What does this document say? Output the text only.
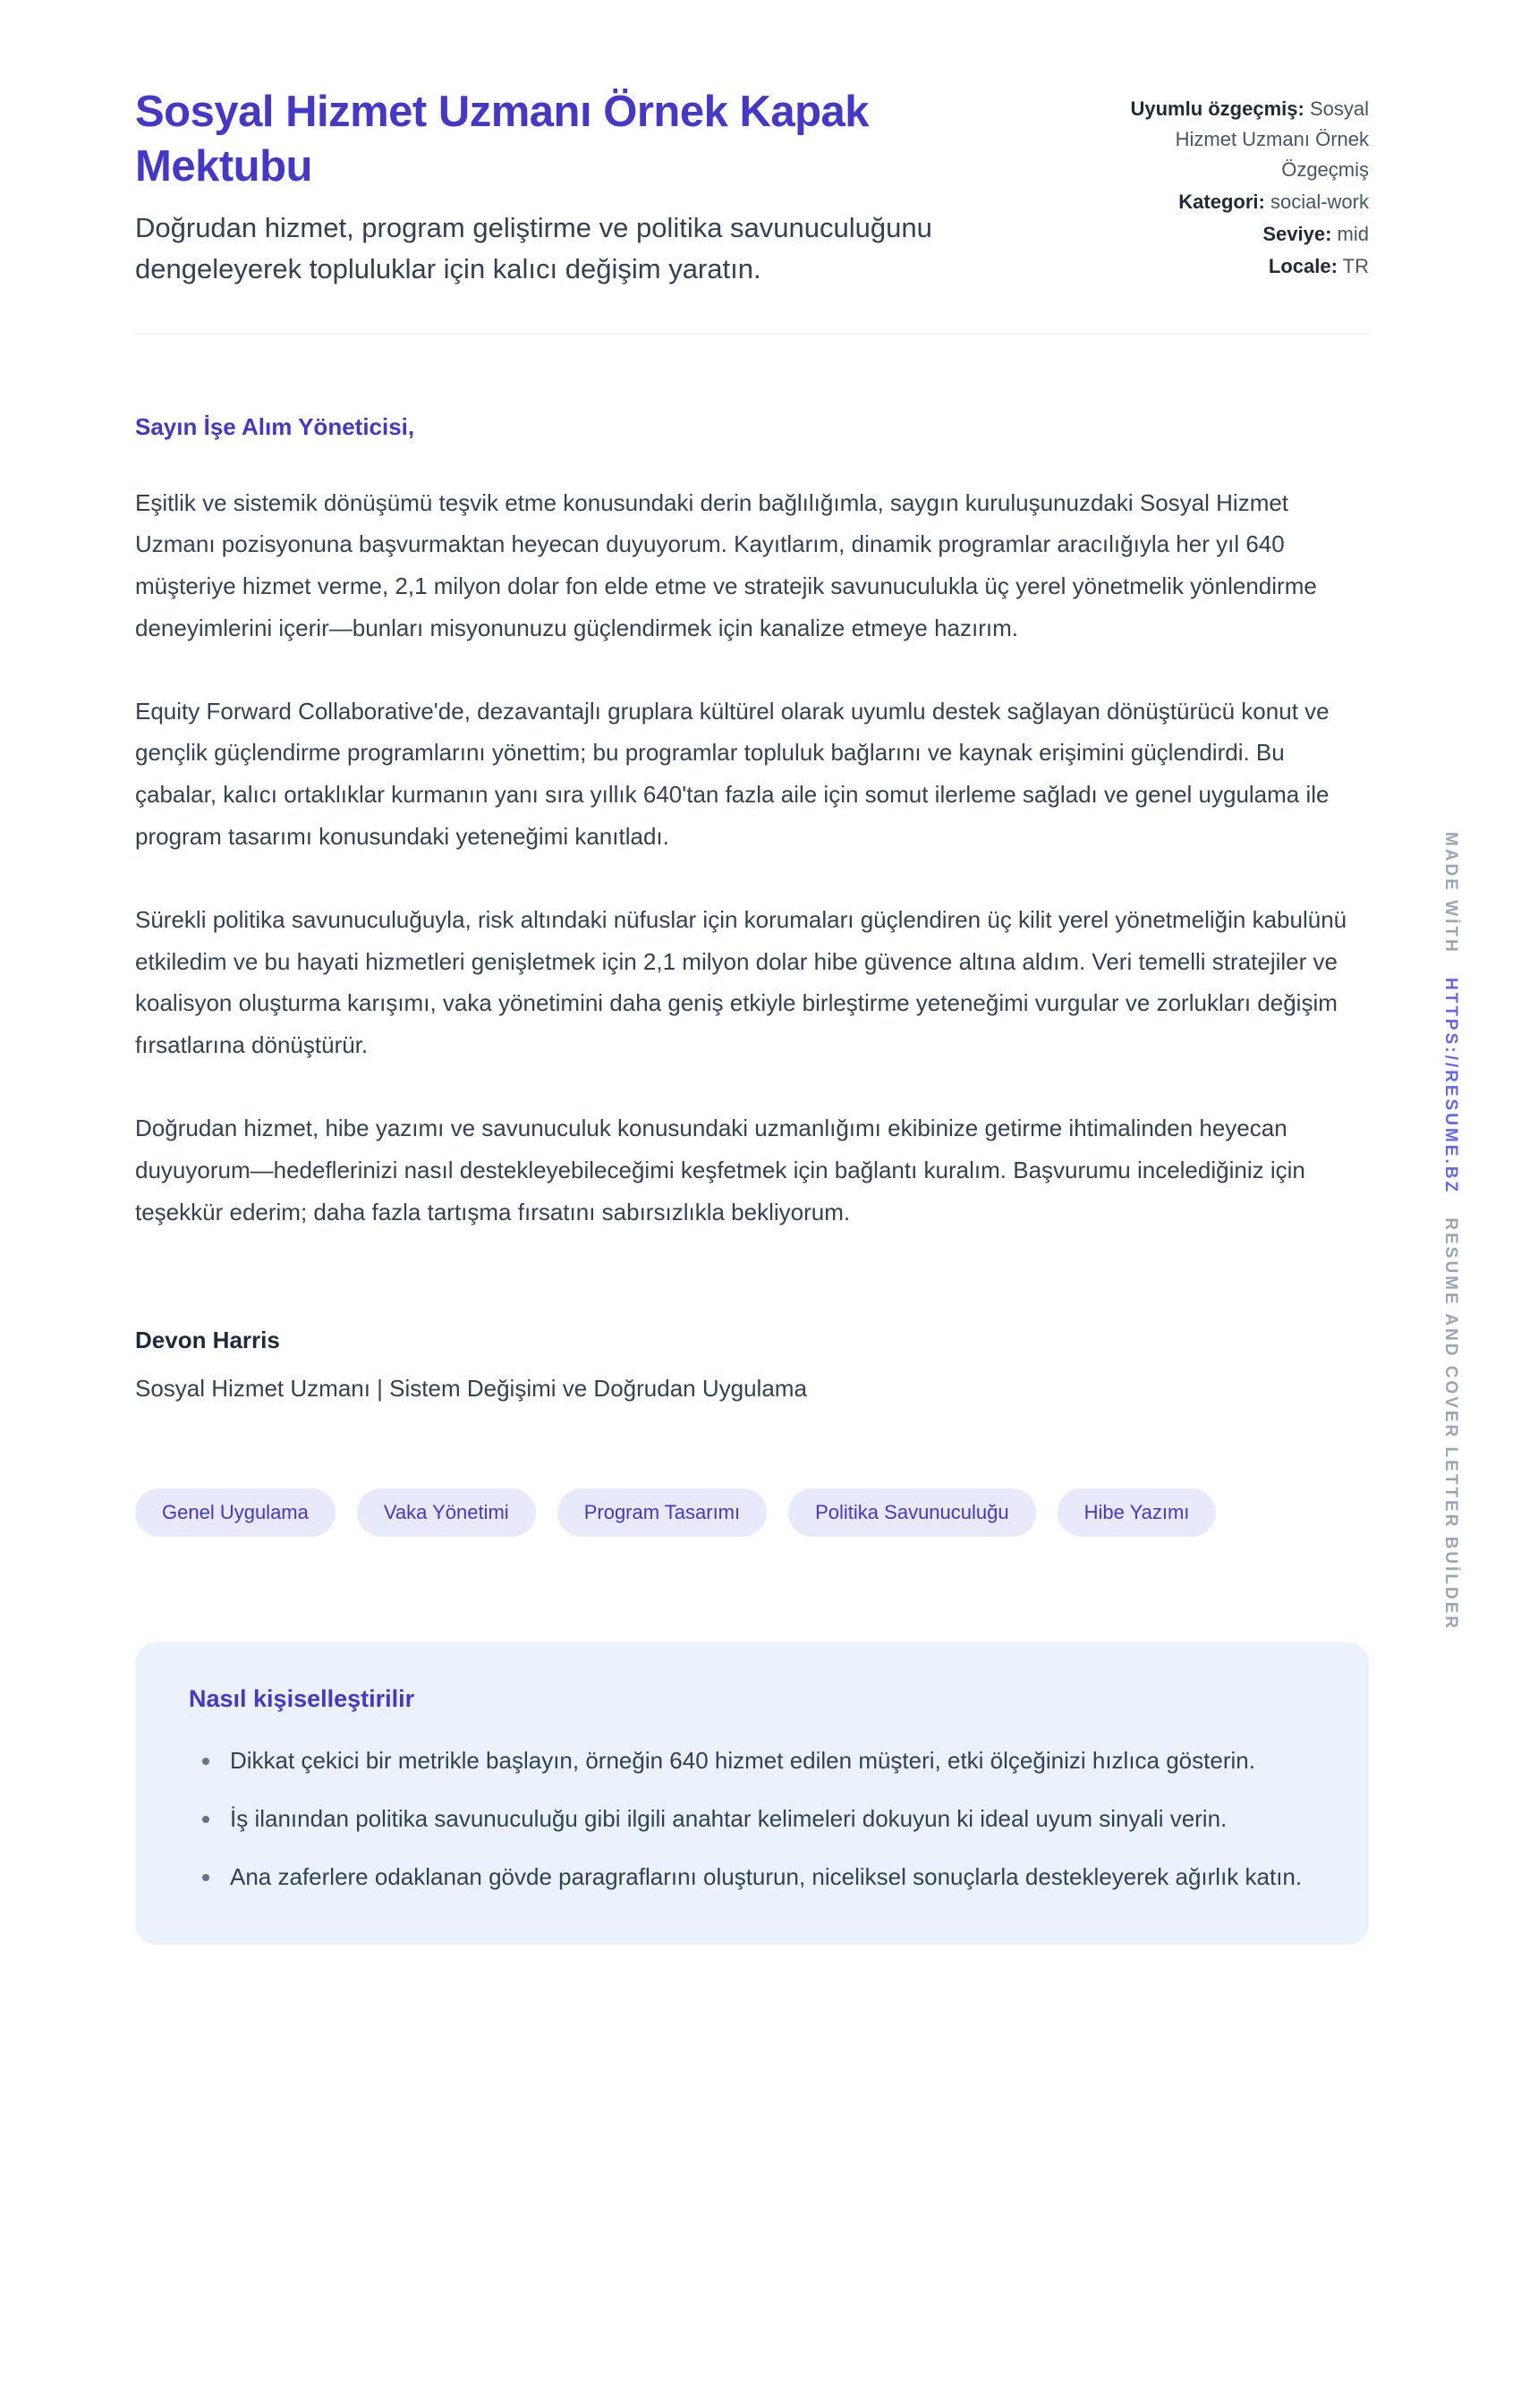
Sosyal Hizmet Uzmanı Örnek Kapak Mektubu

Doğrudan hizmet, program geliştirme ve politika savunuculuğunu dengeleyerek topluluklar için kalıcı değişim yaratın.

Uyumlu özgeçmiş: Sosyal Hizmet Uzmanı Örnek Özgeçmiş
Kategori: social-work
Seviye: mid
Locale: TR

Sayın İşe Alım Yöneticisi,

Eşitlik ve sistemik dönüşümü teşvik etme konusundaki derin bağlılığımla, saygın kuruluşunuzdaki Sosyal Hizmet Uzmanı pozisyonuna başvurmaktan heyecan duyuyorum. Kayıtlarım, dinamik programlar aracılığıyla her yıl 640 müşteriye hizmet verme, 2,1 milyon dolar fon elde etme ve stratejik savunuculukla üç yerel yönetmelik yönlendirme deneyimlerini içerir—bunları misyonunuzu güçlendirmek için kanalize etmeye hazırım.

Equity Forward Collaborative'de, dezavantajlı gruplara kültürel olarak uyumlu destek sağlayan dönüştürücü konut ve gençlik güçlendirme programlarını yönettim; bu programlar topluluk bağlarını ve kaynak erişimini güçlendirdi. Bu çabalar, kalıcı ortaklıklar kurmanın yanı sıra yıllık 640'tan fazla aile için somut ilerleme sağladı ve genel uygulama ile program tasarımı konusundaki yeteneğimi kanıtladı.

Sürekli politika savunuculuğuyla, risk altındaki nüfuslar için korumaları güçlendiren üç kilit yerel yönetmeliğin kabulünü etkiledim ve bu hayati hizmetleri genişletmek için 2,1 milyon dolar hibe güvence altına aldım. Veri temelli stratejiler ve koalisyon oluşturma karışımı, vaka yönetimini daha geniş etkiyle birleştirme yeteneğimi vurgular ve zorlukları değişim fırsatlarına dönüştürür.

Doğrudan hizmet, hibe yazımı ve savunuculuk konusundaki uzmanlığımı ekibinize getirme ihtimalinden heyecan duyuyorum—hedeflerinizi nasıl destekleyebileceğimi keşfetmek için bağlantı kuralım. Başvurumu incelediğiniz için teşekkür ederim; daha fazla tartışma fırsatını sabırsızlıkla bekliyorum.

Devon Harris

Sosyal Hizmet Uzmanı | Sistem Değişimi ve Doğrudan Uygulama

Genel Uygulama	Vaka Yönetimi	Program Tasarımı	Politika Savunuculuğu	Hibe Yazımı
Nasıl kişiselleştirilir
• Dikkat çekici bir metrikle başlayın, örneğin 640 hizmet edilen müşteri, etki ölçeğinizi hızlıca gösterin.
• İş ilanından politika savunuculuğu gibi ilgili anahtar kelimeleri dokuyun ki ideal uyum sinyali verin.
• Ana zaferlere odaklanan gövde paragraflarını oluşturun, niceliksel sonuçlarla destekleyerek ağırlık katın.
MADE WİTH HTTPS://RESUME.BZ RESUME AND COVER LETTER BUİLDER
